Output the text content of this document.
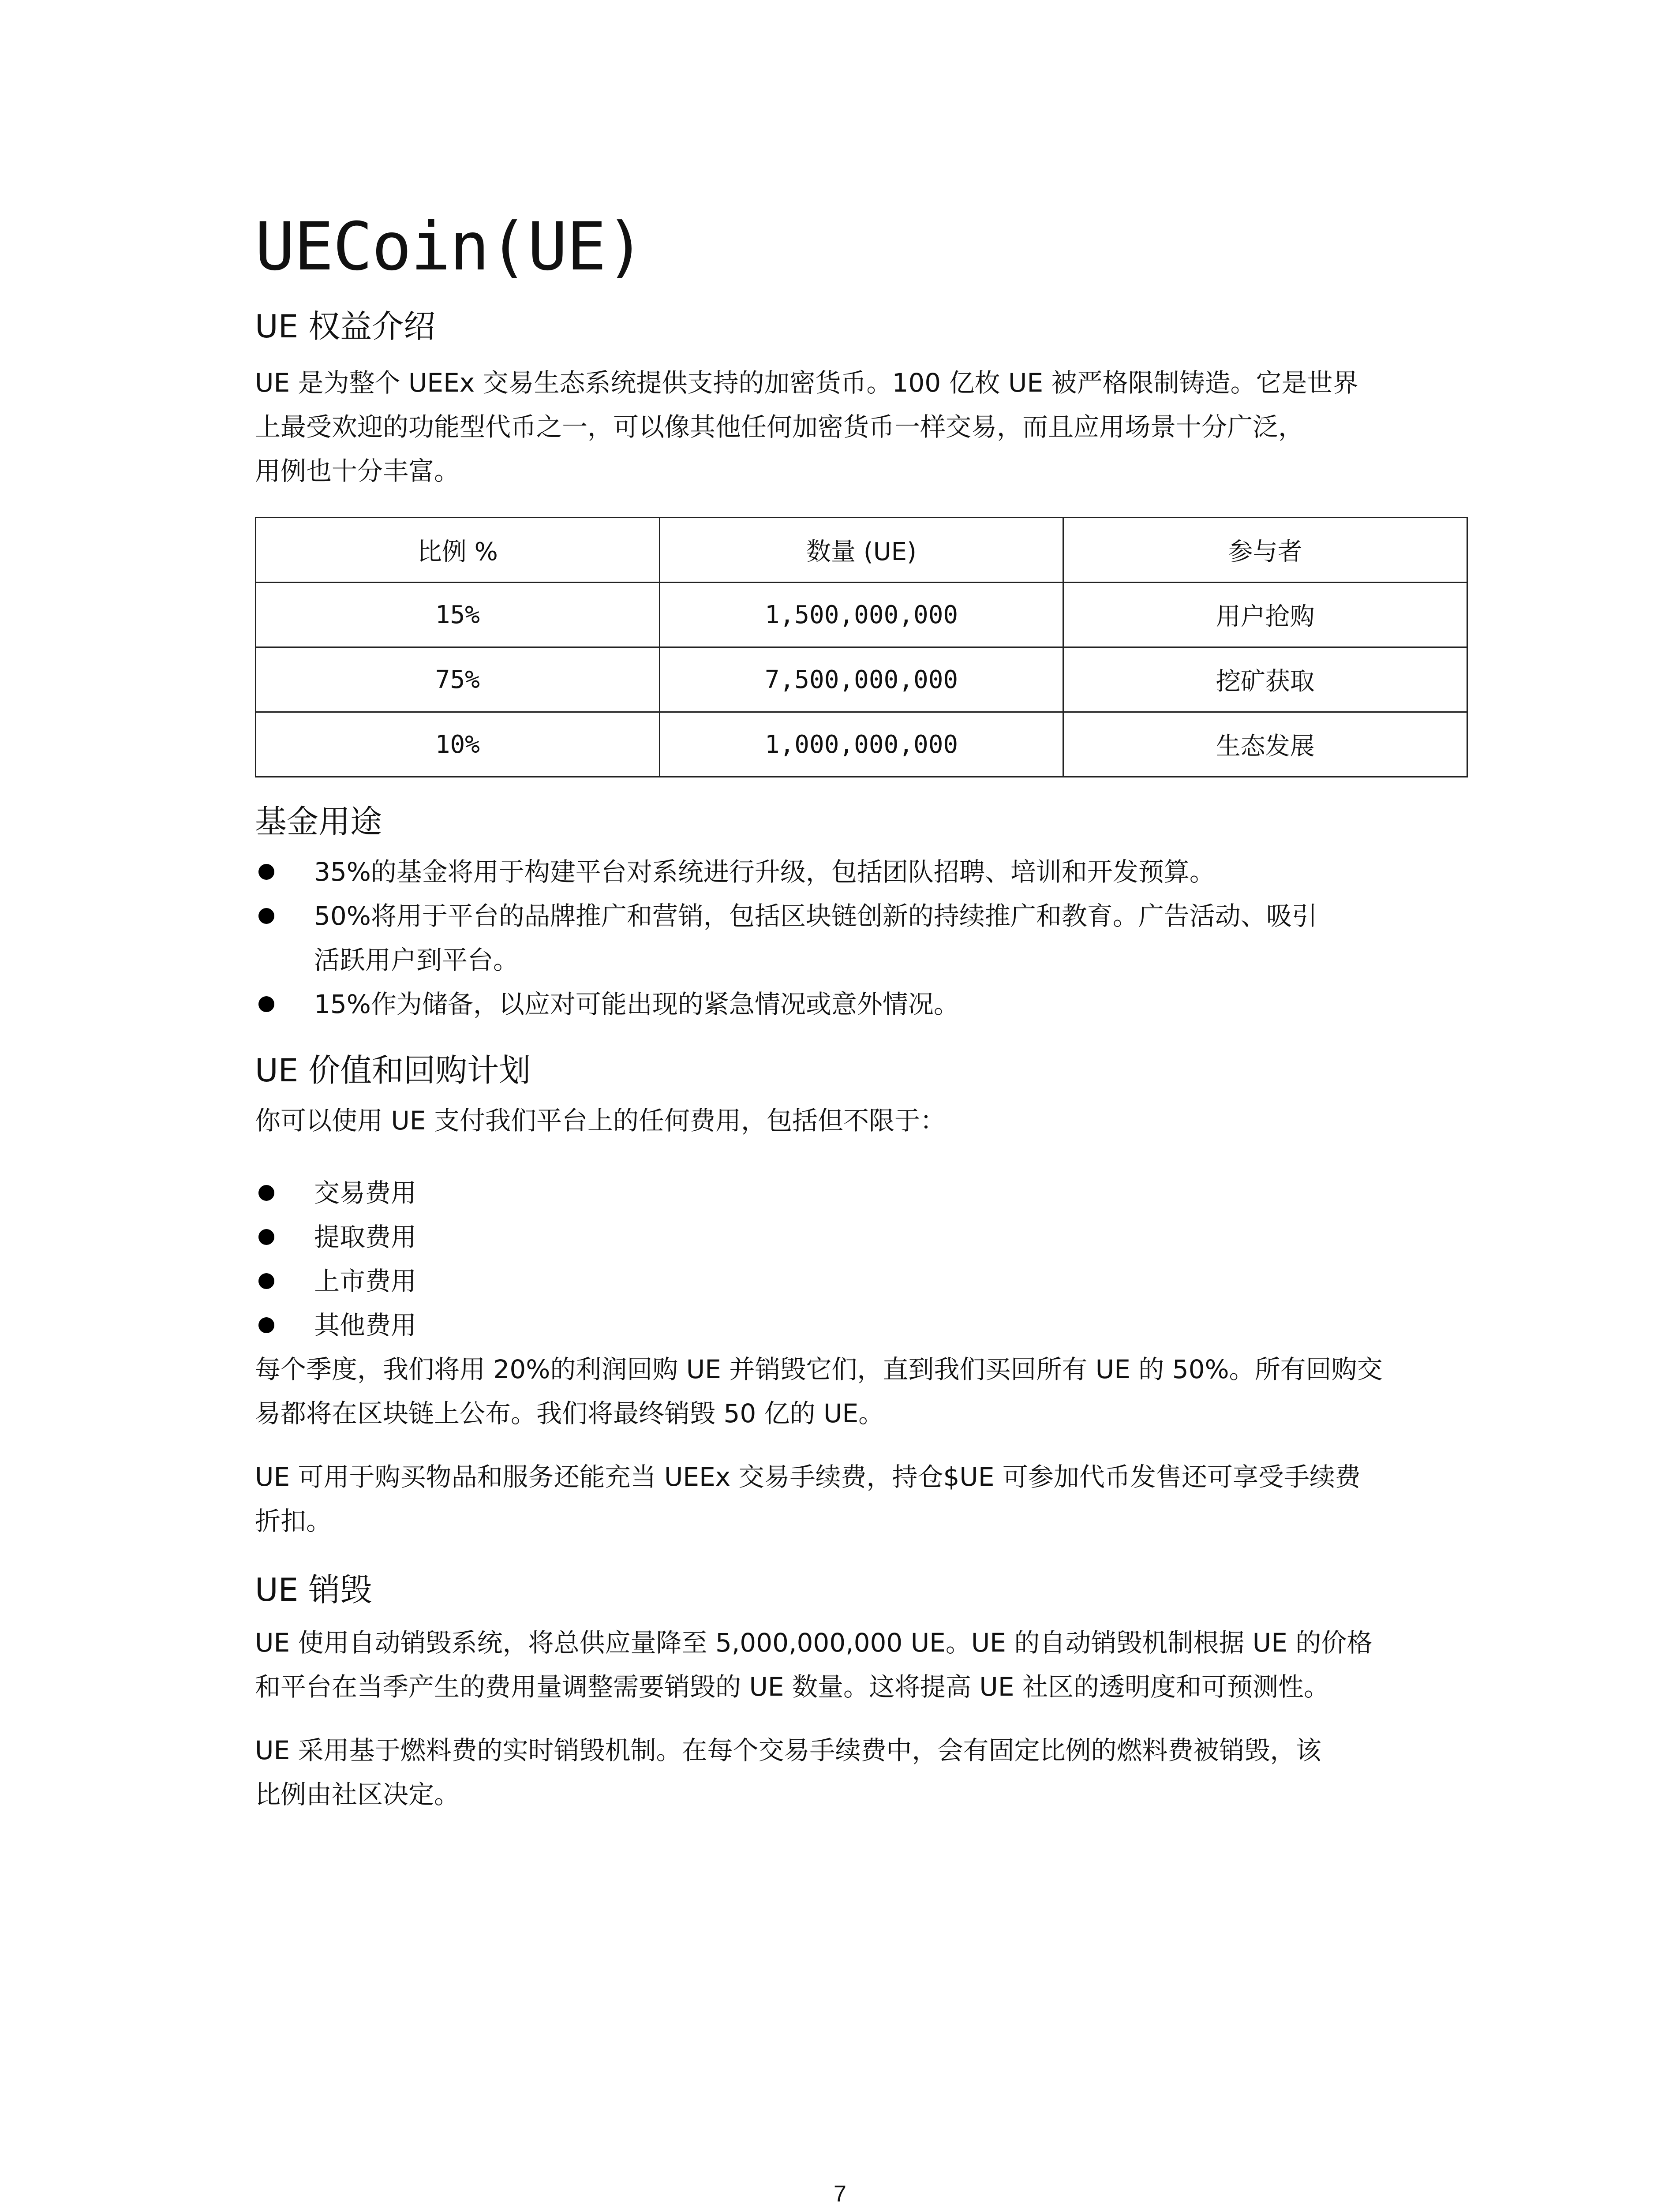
UECoin(UE)
UE 权益介绍

UE 是为整个 UEEx 交易生态系统提供支持的加密货币。100 亿枚 UE 被严格限制铸造。它是世界

上最受欢迎的功能型代币之一，可以像其他任何加密货币一样交易，而且应用场景十分广泛，

用例也十分丰富。

比例 %	数量 (UE)	参与者
15%	1,500,000,000	用户抢购
75%	7,500,000,000	挖矿获取
10%	1,000,000,000	生态发展
基金用途
35%的基金将用于构建平台对系统进行升级，包括团队招聘、培训和开发预算。
50%将用于平台的品牌推广和营销，包括区块链创新的持续推广和教育。广告活动、吸引
活跃用户到平台。
15%作为储备，以应对可能出现的紧急情况或意外情况。
UE 价值和回购计划

你可以使用 UE 支付我们平台上的任何费用，包括但不限于：

交易费用
提取费用
上市费用
其他费用

每个季度，我们将用 20%的利润回购 UE 并销毁它们，直到我们买回所有 UE 的 50%。所有回购交

易都将在区块链上公布。我们将最终销毁 50 亿的 UE。

UE 可用于购买物品和服务还能充当 UEEx 交易手续费，持仓$UE 可参加代币发售还可享受手续费

折扣。

UE 销毁

UE 使用自动销毁系统，将总供应量降至 5,000,000,000 UE。UE 的自动销毁机制根据 UE 的价格

和平台在当季产生的费用量调整需要销毁的 UE 数量。这将提高 UE 社区的透明度和可预测性。

UE 采用基于燃料费的实时销毁机制。在每个交易手续费中，会有固定比例的燃料费被销毁，该

比例由社区决定。

7
